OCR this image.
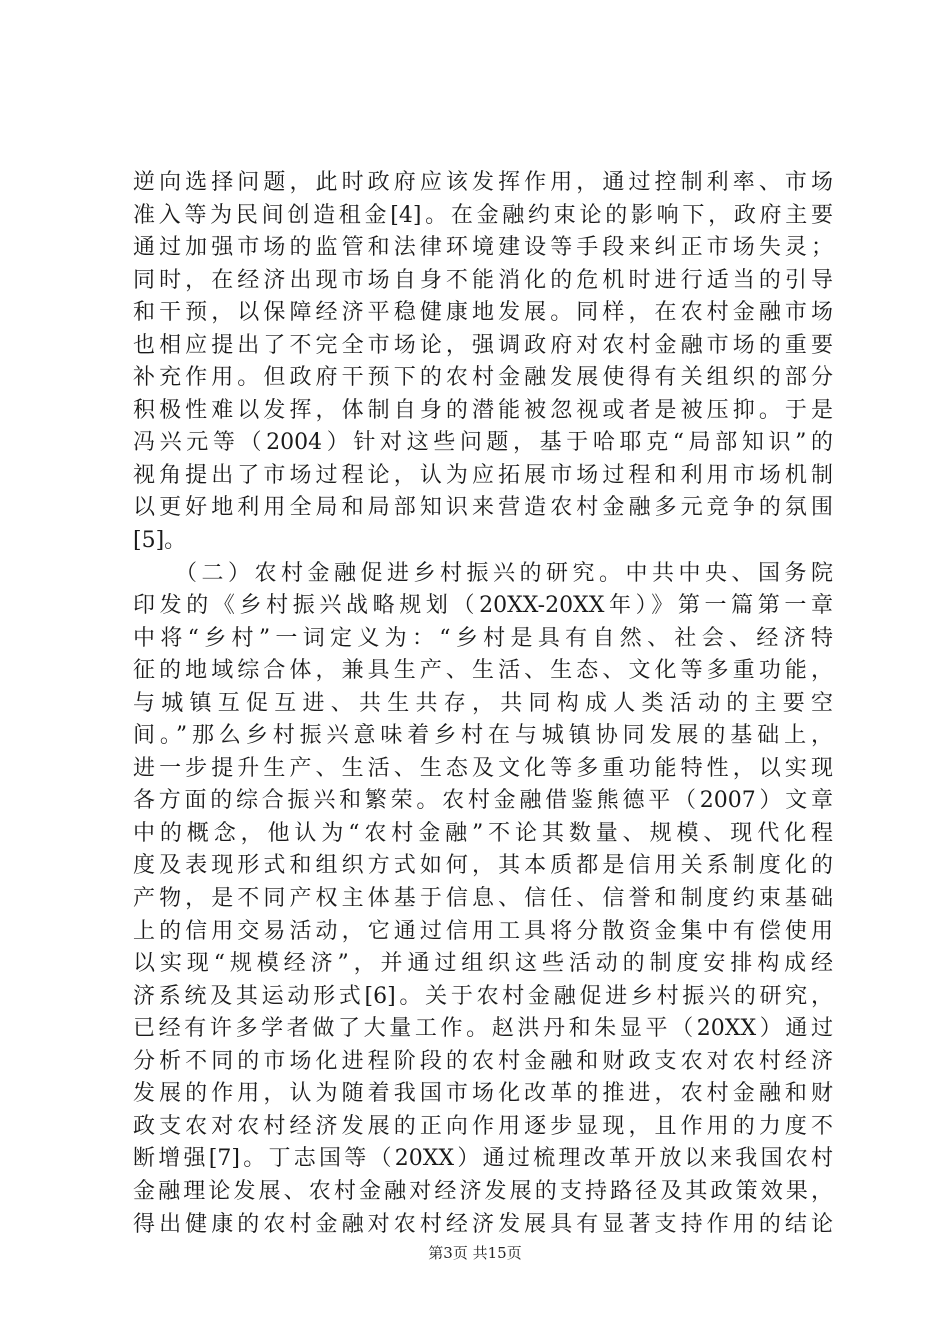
逆向选择问题，此时政府应该发挥作用，通过控制利率、市场
准入等为民间创造租金[4]。在金融约束论的影响下，政府主要
通过加强市场的监管和法律环境建设等手段来纠正市场失灵；
同时，在经济出现市场自身不能消化的危机时进行适当的引导
和干预，以保障经济平稳健康地发展。同样，在农村金融市场
也相应提出了不完全市场论，强调政府对农村金融市场的重要
补充作用。但政府干预下的农村金融发展使得有关组织的部分
积极性难以发挥，体制自身的潜能被忽视或者是被压抑。于是
冯兴元等（2004）针对这些问题，基于哈耶克“局部知识”的
视角提出了市场过程论，认为应拓展市场过程和利用市场机制
以更好地利用全局和局部知识来营造农村金融多元竞争的氛围
[5]。
　　（二）农村金融促进乡村振兴的研究。中共中央、国务院
印发的《乡村振兴战略规划（20XX-20XX年）》第一篇第一章
中将“乡村”一词定义为：“乡村是具有自然、社会、经济特
征的地域综合体，兼具生产、生活、生态、文化等多重功能，
与城镇互促互进、共生共存，共同构成人类活动的主要空
间。”那么乡村振兴意味着乡村在与城镇协同发展的基础上，
进一步提升生产、生活、生态及文化等多重功能特性，以实现
各方面的综合振兴和繁荣。农村金融借鉴熊德平（2007）文章
中的概念，他认为“农村金融”不论其数量、规模、现代化程
度及表现形式和组织方式如何，其本质都是信用关系制度化的
产物，是不同产权主体基于信息、信任、信誉和制度约束基础
上的信用交易活动，它通过信用工具将分散资金集中有偿使用
以实现“规模经济”，并通过组织这些活动的制度安排构成经
济系统及其运动形式[6]。关于农村金融促进乡村振兴的研究，
已经有许多学者做了大量工作。赵洪丹和朱显平（20XX）通过
分析不同的市场化进程阶段的农村金融和财政支农对农村经济
发展的作用，认为随着我国市场化改革的推进，农村金融和财
政支农对农村经济发展的正向作用逐步显现，且作用的力度不
断增强[7]。丁志国等（20XX）通过梳理改革开放以来我国农村
金融理论发展、农村金融对经济发展的支持路径及其政策效果，
得出健康的农村金融对农村经济发展具有显著支持作用的结论
第3页 共15页
